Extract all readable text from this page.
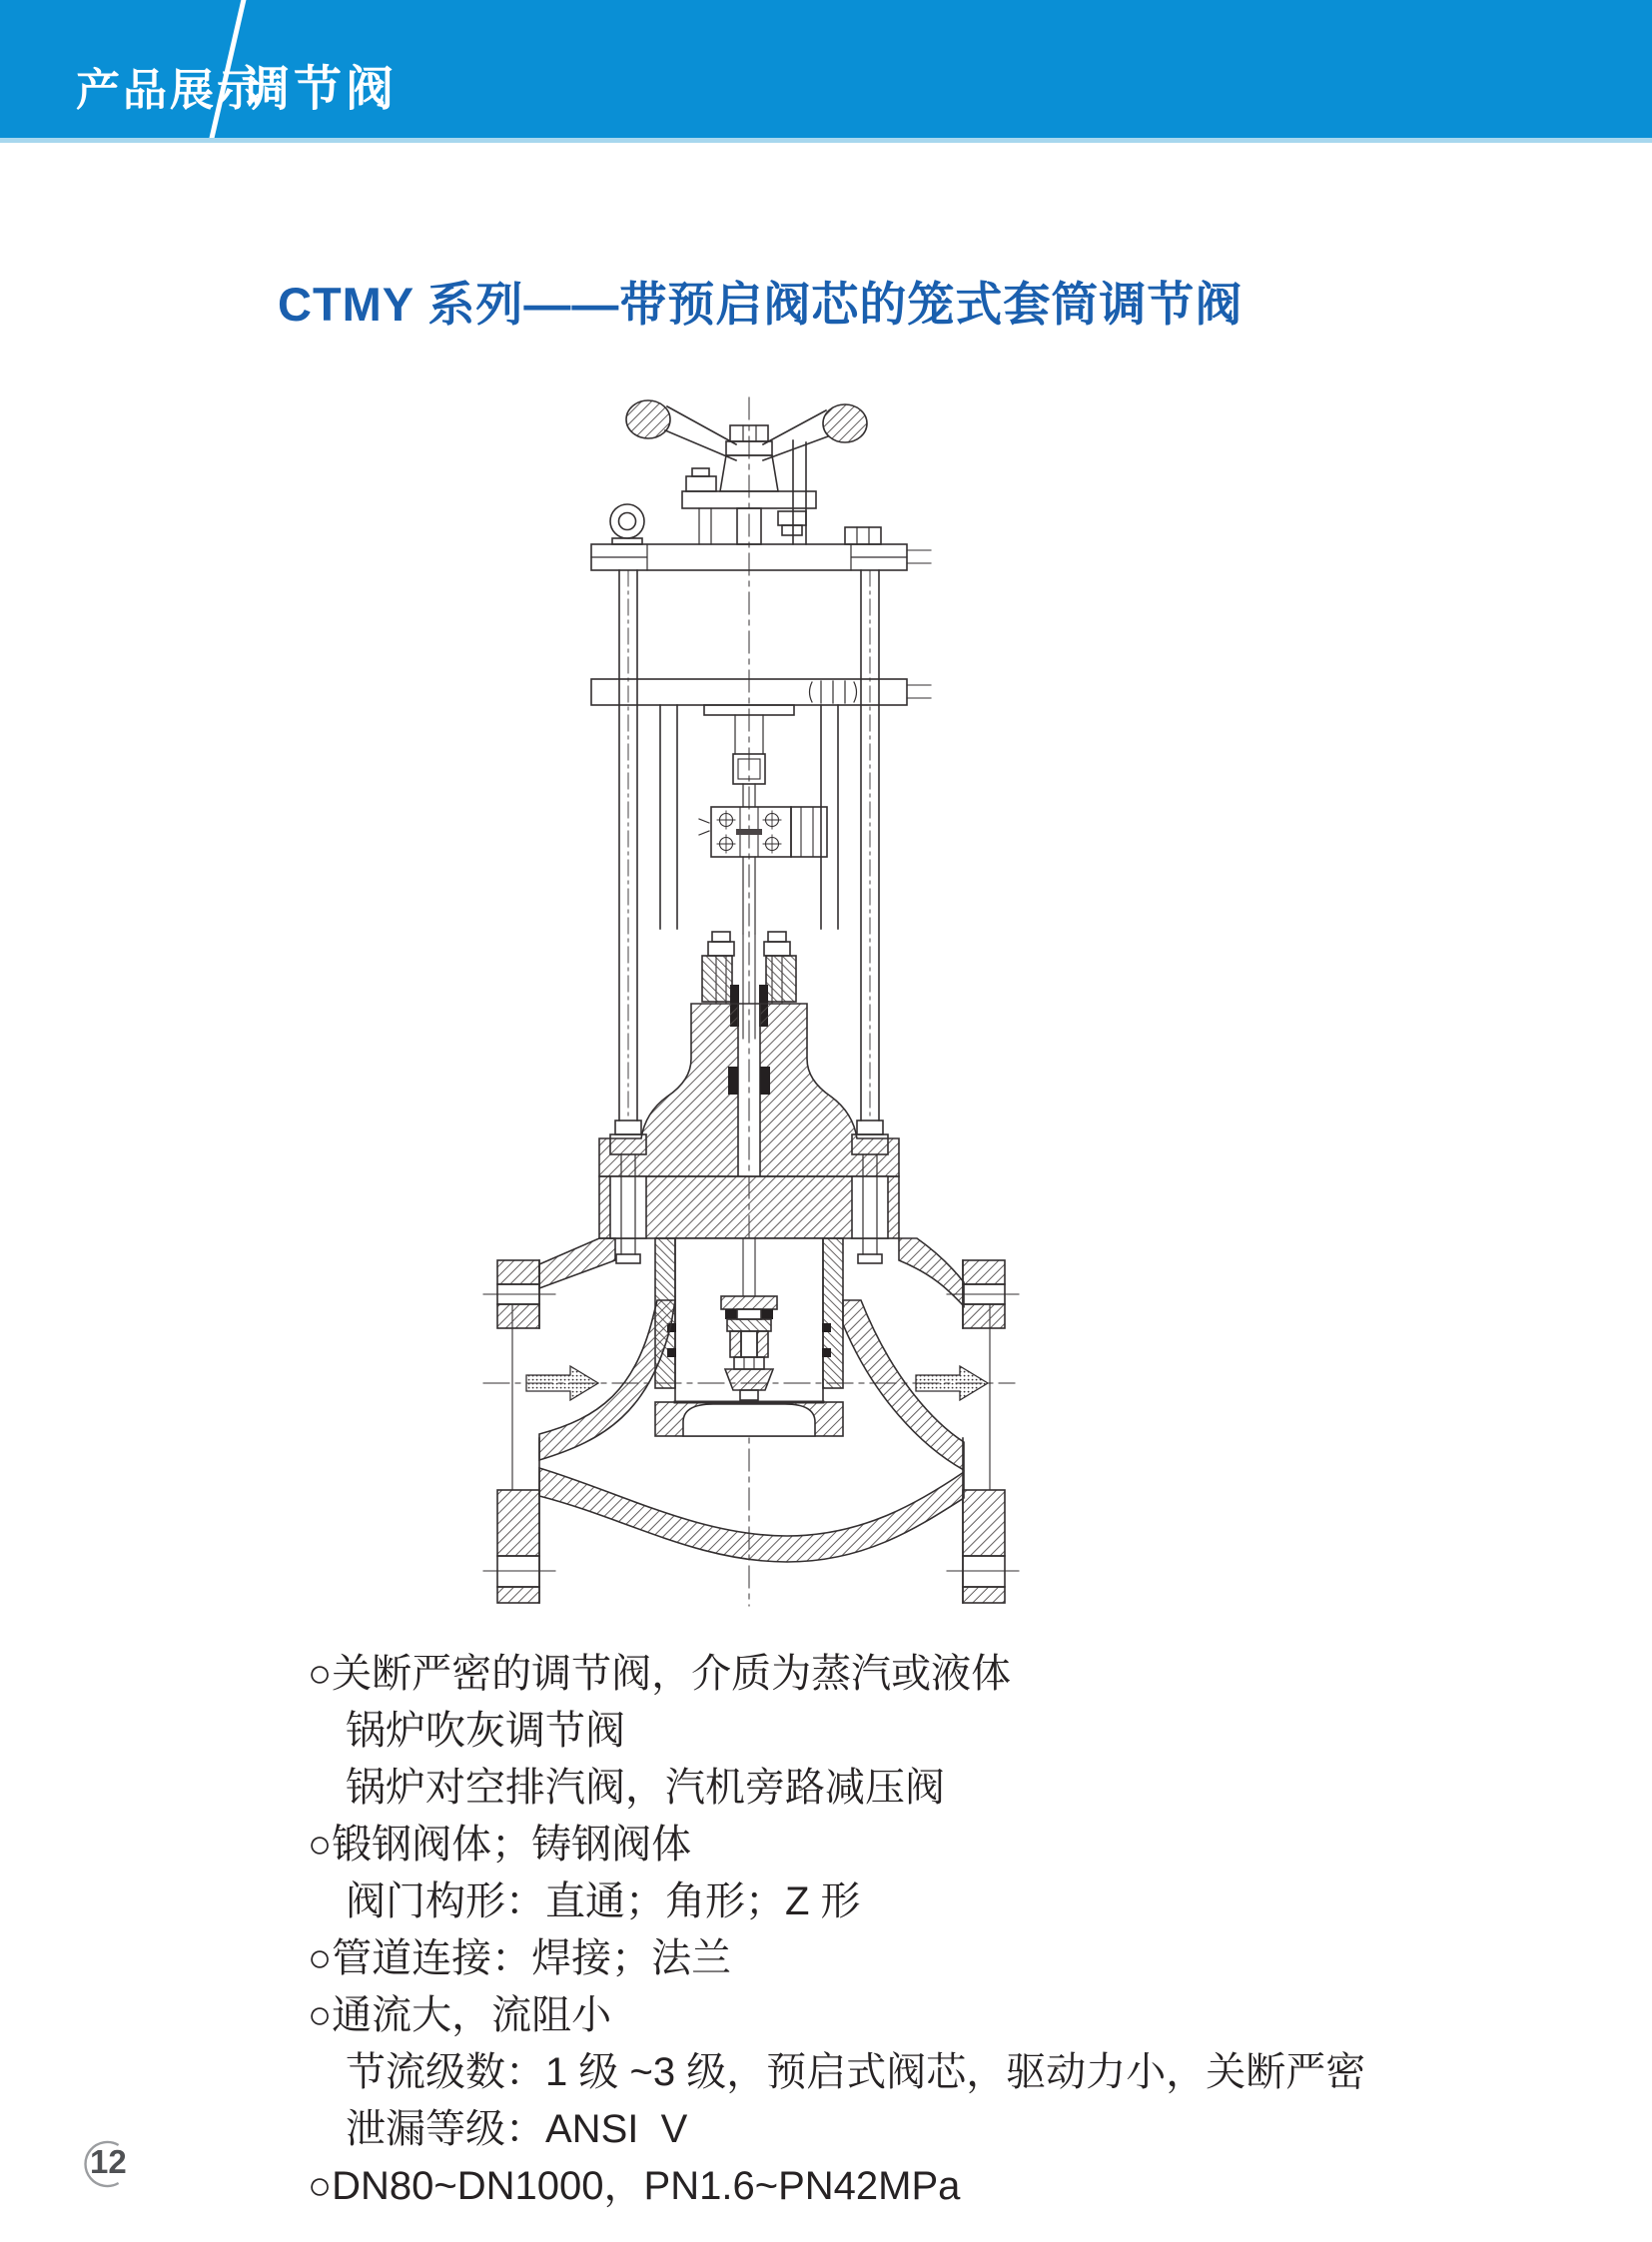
产品展示
调节阀
CTMY 系列——带预启阀芯的笼式套筒调节阀
○关断严密的调节阀，介质为蒸汽或液体
锅炉吹灰调节阀
锅炉对空排汽阀，汽机旁路减压阀
○锻钢阀体；铸钢阀体
阀门构形：直通；角形；Z 形
○管道连接：焊接；法兰
○通流大，流阻小
节流级数：1 级 ~3 级，预启式阀芯，驱动力小，关断严密
泄漏等级：ANSI  V
○DN80~DN1000，PN1.6~PN42MPa
12
